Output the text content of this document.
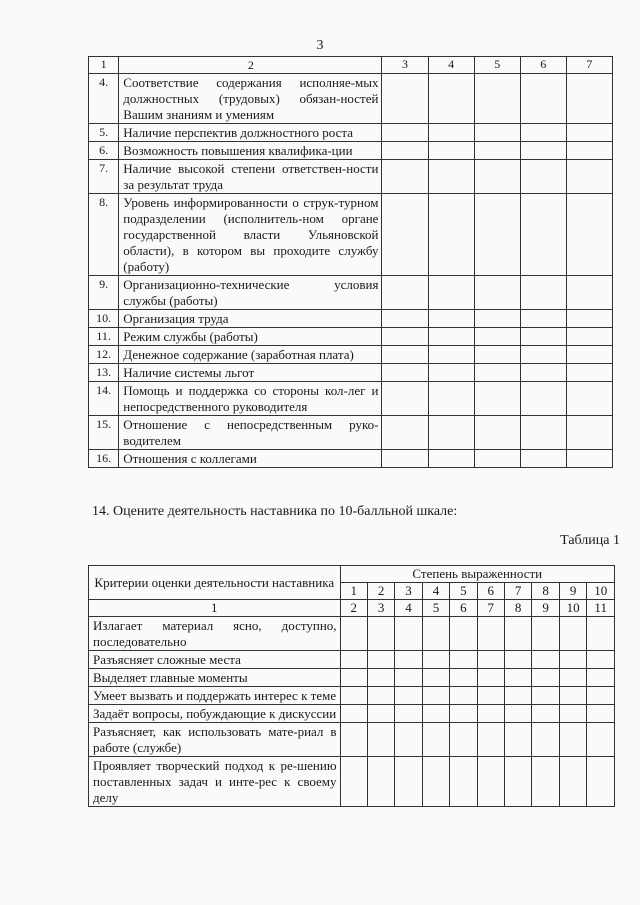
3
1	2	3	4	5	6	7
4.	Соответствие содержания исполняе-мых должностных (трудовых) обязан-ностей Вашим знаниям и умениям					
5.	Наличие перспектив должностного роста					
6.	Возможность повышения квалифика-ции					
7.	Наличие высокой степени ответствен-ности за результат труда					
8.	Уровень информированности о струк-турном подразделении (исполнитель-ном органе государственной власти Ульяновской области), в котором вы проходите службу (работу)					
9.	Организационно-технические условия службы (работы)					
10.	Организация труда					
11.	Режим службы (работы)					
12.	Денежное содержание (заработная плата)					
13.	Наличие системы льгот					
14.	Помощь и поддержка со стороны кол-лег и непосредственного руководителя					
15.	Отношение с непосредственным руко-водителем					
16.	Отношения с коллегами					
14. Оцените деятельность наставника по 10-балльной шкале:
Таблица 1
Критерии оценки деятельности наставника	Степень выраженности									
	1	2	3	4	5	6	7	8	9	10
1	2	3	4	5	6	7	8	9	10	11
Излагает материал ясно, доступно, последовательно										
Разъясняет сложные места										
Выделяет главные моменты										
Умеет вызвать и поддержать интерес к теме										
Задаёт вопросы, побуждающие к дискуссии										
Разъясняет, как использовать мате-риал в работе (службе)										
Проявляет творческий подход к ре-шению поставленных задач и инте-рес к своему делу										
